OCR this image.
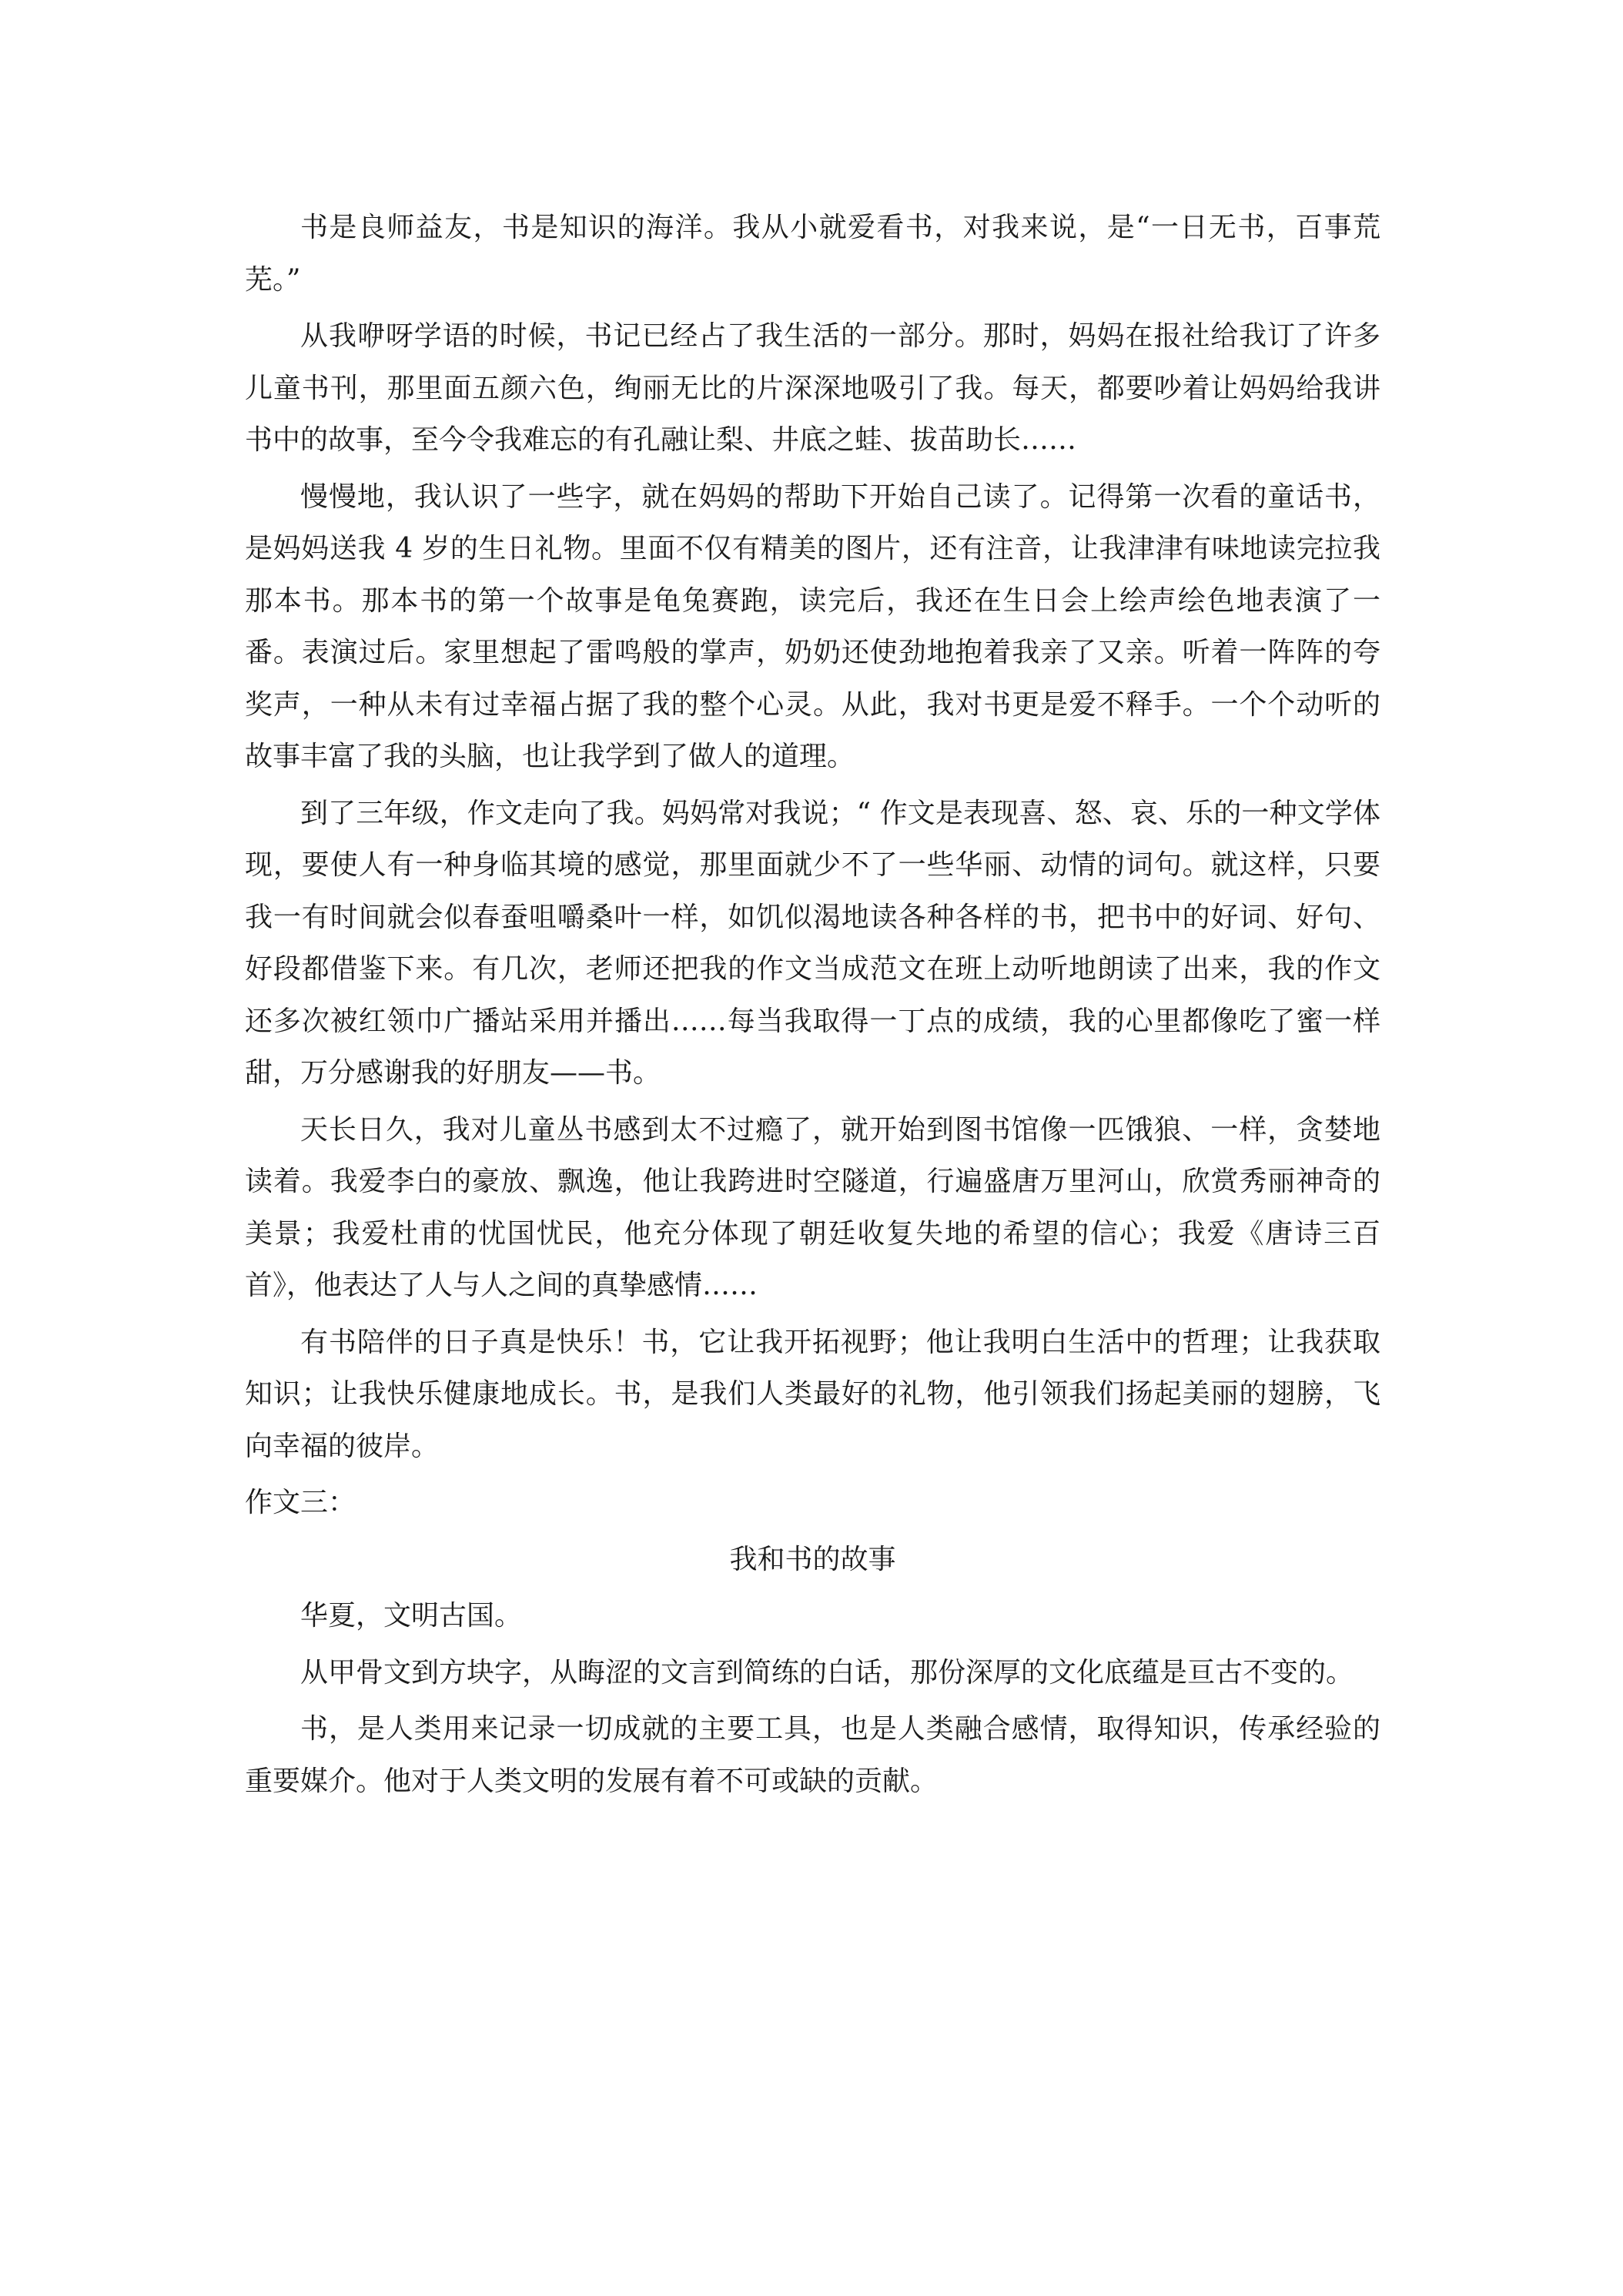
书是良师益友，书是知识的海洋。我从小就爱看书，对我来说，是“一日无书，百事荒芜。”

从我咿呀学语的时候，书记已经占了我生活的一部分。那时，妈妈在报社给我订了许多儿童书刊，那里面五颜六色，绚丽无比的片深深地吸引了我。每天，都要吵着让妈妈给我讲书中的故事，至今令我难忘的有孔融让梨、井底之蛙、拔苗助长……

慢慢地，我认识了一些字，就在妈妈的帮助下开始自己读了。记得第一次看的童话书，是妈妈送我 4 岁的生日礼物。里面不仅有精美的图片，还有注音，让我津津有味地读完拉我那本书。那本书的第一个故事是龟兔赛跑，读完后，我还在生日会上绘声绘色地表演了一番。表演过后。家里想起了雷鸣般的掌声，奶奶还使劲地抱着我亲了又亲。听着一阵阵的夸奖声，一种从未有过幸福占据了我的整个心灵。从此，我对书更是爱不释手。一个个动听的故事丰富了我的头脑，也让我学到了做人的道理。

到了三年级，作文走向了我。妈妈常对我说；“ 作文是表现喜、怒、哀、乐的一种文学体现，要使人有一种身临其境的感觉，那里面就少不了一些华丽、动情的词句。就这样，只要我一有时间就会似春蚕咀嚼桑叶一样，如饥似渴地读各种各样的书，把书中的好词、好句、好段都借鉴下来。有几次，老师还把我的作文当成范文在班上动听地朗读了出来，我的作文还多次被红领巾广播站采用并播出……每当我取得一丁点的成绩，我的心里都像吃了蜜一样甜，万分感谢我的好朋友——书。

天长日久，我对儿童丛书感到太不过瘾了，就开始到图书馆像一匹饿狼、一样，贪婪地读着。我爱李白的豪放、飘逸，他让我跨进时空隧道，行遍盛唐万里河山，欣赏秀丽神奇的美景；我爱杜甫的忧国忧民，他充分体现了朝廷收复失地的希望的信心；我爱《唐诗三百首》，他表达了人与人之间的真挚感情……

有书陪伴的日子真是快乐！书，它让我开拓视野；他让我明白生活中的哲理；让我获取知识；让我快乐健康地成长。书，是我们人类最好的礼物，他引领我们扬起美丽的翅膀，飞向幸福的彼岸。

作文三：

我和书的故事

华夏，文明古国。

从甲骨文到方块字，从晦涩的文言到简练的白话，那份深厚的文化底蕴是亘古不变的。

书，是人类用来记录一切成就的主要工具，也是人类融合感情，取得知识，传承经验的重要媒介。他对于人类文明的发展有着不可或缺的贡献。
